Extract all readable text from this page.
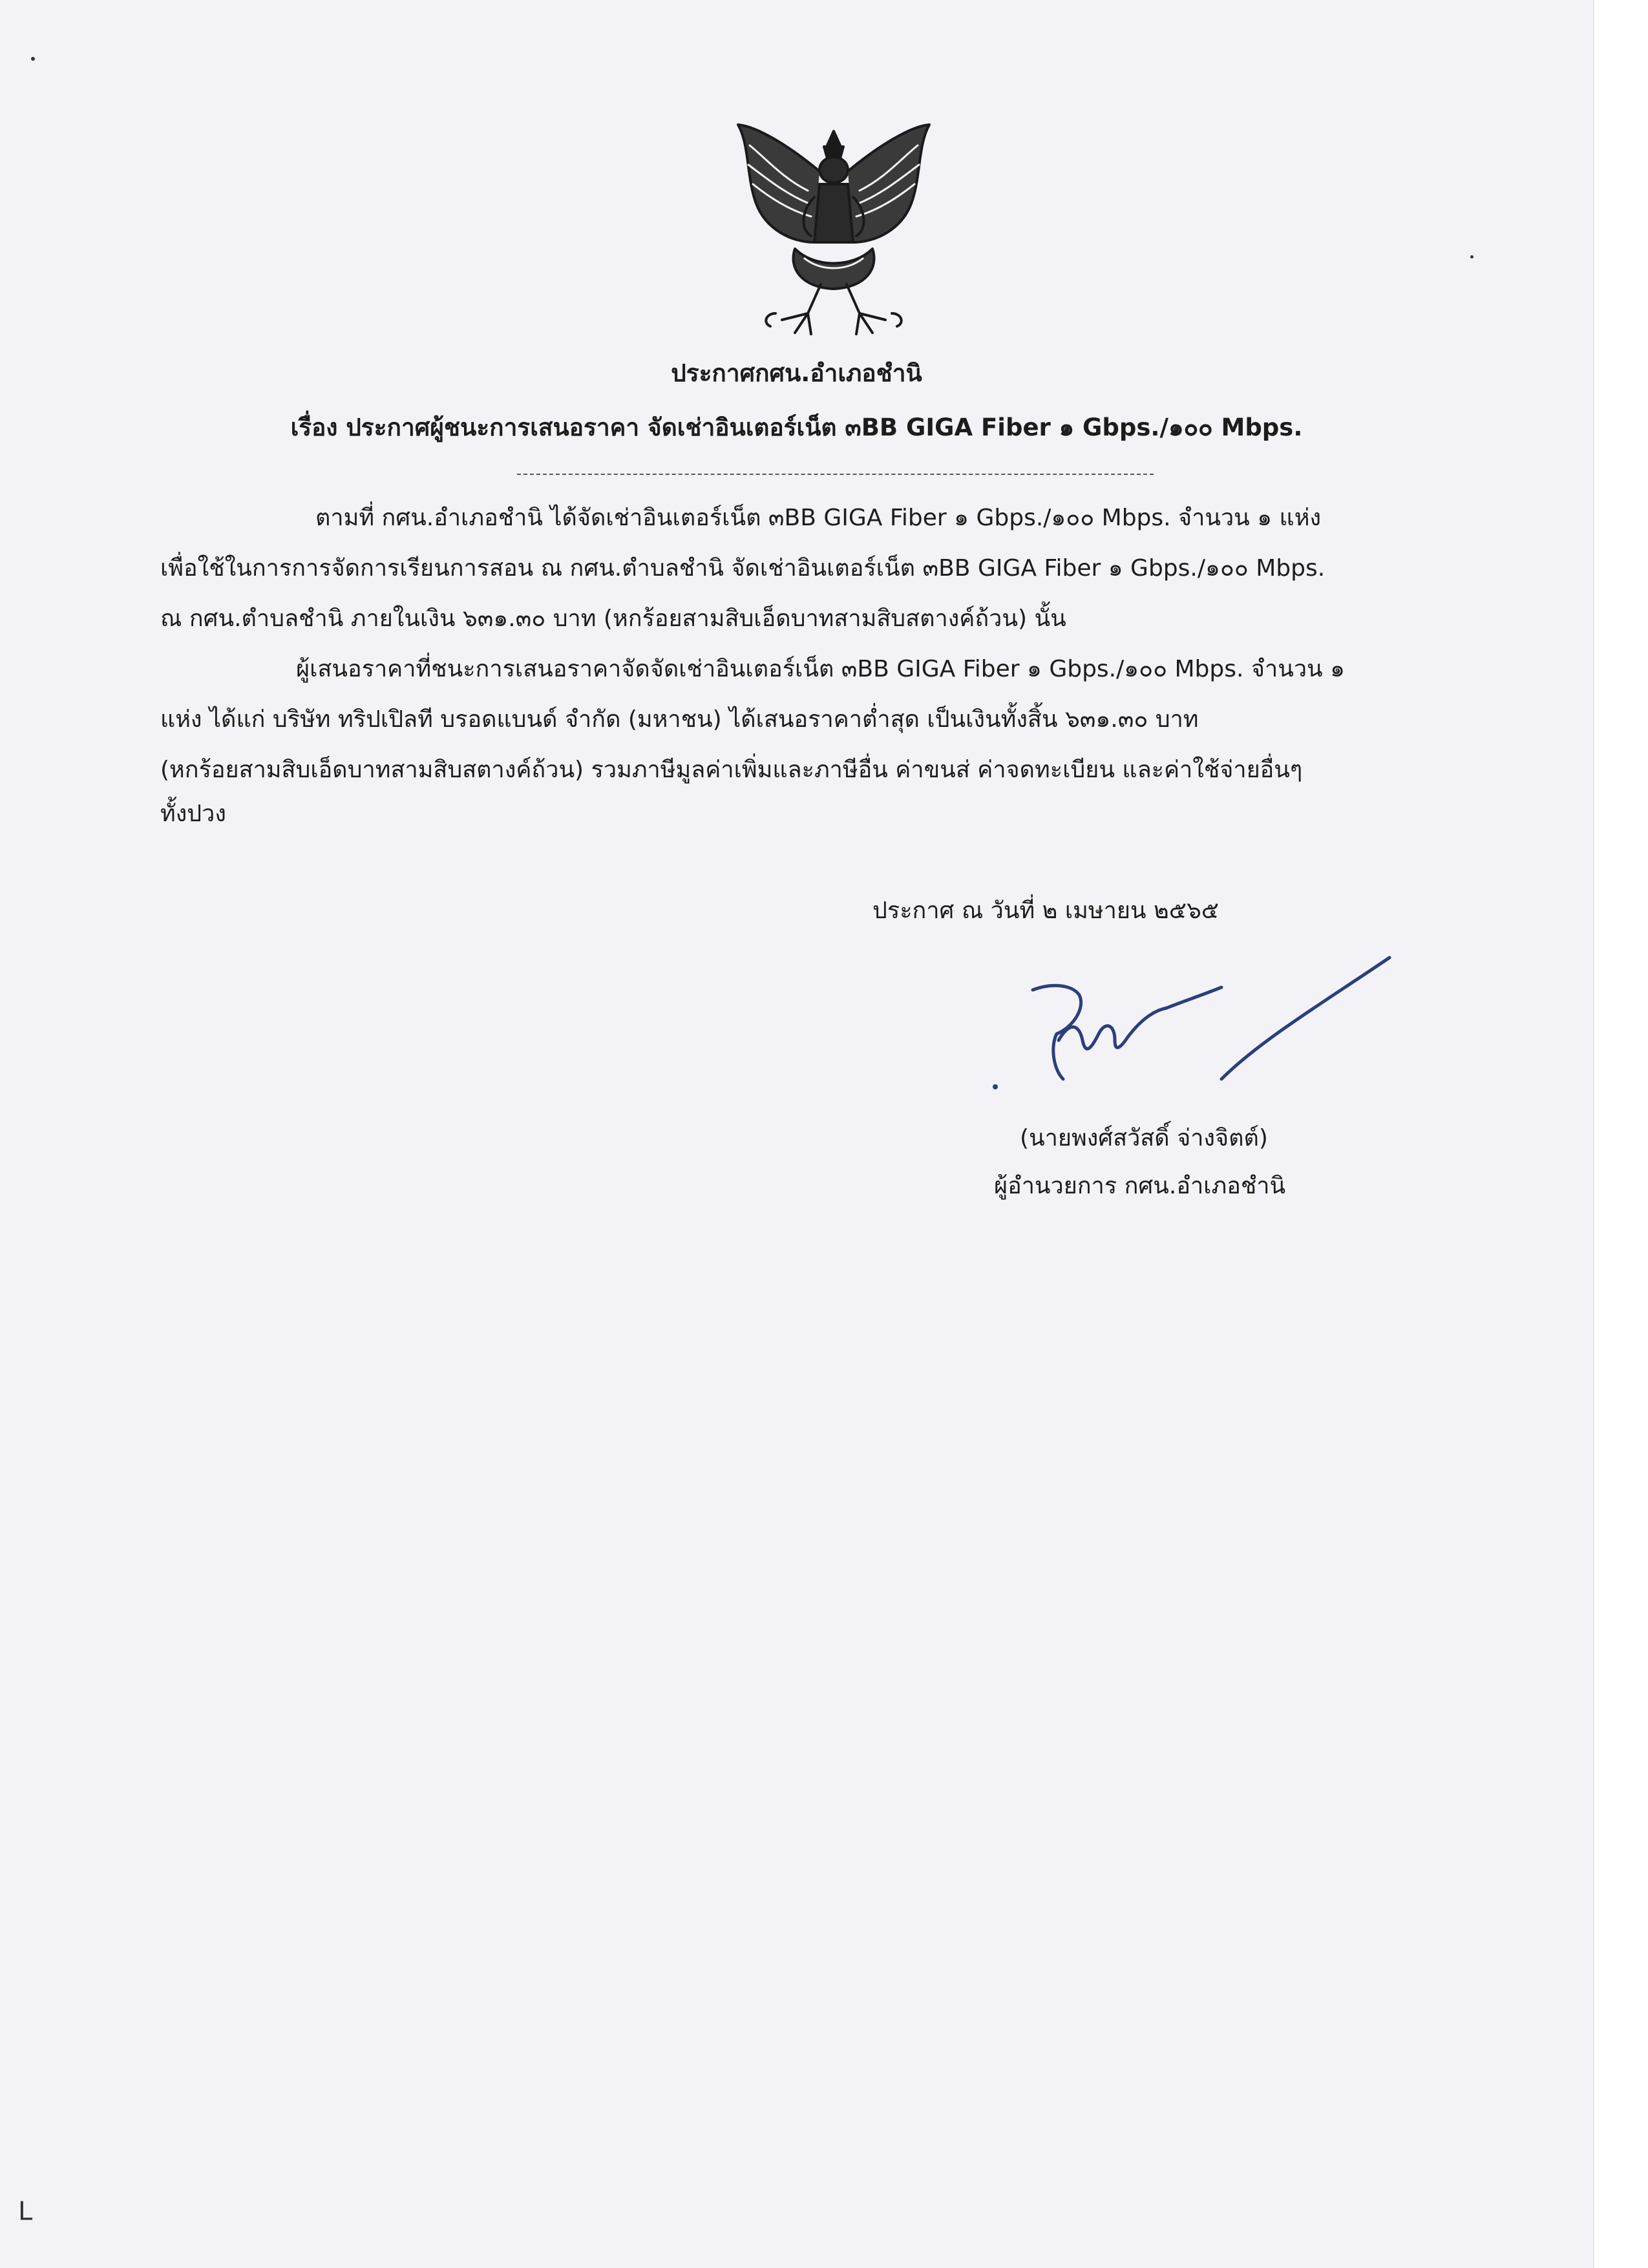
ประกาศกศน.อำเภอชำนิ
เรื่อง ประกาศผู้ชนะการเสนอราคา จัดเช่าอินเตอร์เน็ต ๓BB GIGA Fiber ๑ Gbps./๑๐๐ Mbps.
ตามที่ กศน.อำเภอชำนิ ได้จัดเช่าอินเตอร์เน็ต ๓BB GIGA Fiber ๑ Gbps./๑๐๐ Mbps. จำนวน ๑ แห่ง
เพื่อใช้ในการการจัดการเรียนการสอน ณ กศน.ตำบลชำนิ จัดเช่าอินเตอร์เน็ต ๓BB GIGA Fiber ๑ Gbps./๑๐๐ Mbps.
ณ กศน.ตำบลชำนิ ภายในเงิน ๖๓๑.๓๐ บาท (หกร้อยสามสิบเอ็ดบาทสามสิบสตางค์ถ้วน) นั้น
ผู้เสนอราคาที่ชนะการเสนอราคาจัดจัดเช่าอินเตอร์เน็ต ๓BB GIGA Fiber ๑ Gbps./๑๐๐ Mbps. จำนวน ๑
แห่ง ได้แก่ บริษัท ทริปเปิลที บรอดแบนด์ จำกัด (มหาชน) ได้เสนอราคาต่ำสุด เป็นเงินทั้งสิ้น ๖๓๑.๓๐ บาท
(หกร้อยสามสิบเอ็ดบาทสามสิบสตางค์ถ้วน) รวมภาษีมูลค่าเพิ่มและภาษีอื่น ค่าขนส่ ค่าจดทะเบียน และค่าใช้จ่ายอื่นๆ
ทั้งปวง
ประกาศ ณ วันที่ ๒ เมษายน ๒๕๖๕
(นายพงศ์สวัสดิ์ จ่างจิตต์)
ผู้อำนวยการ กศน.อำเภอชำนิ
ᒪ
